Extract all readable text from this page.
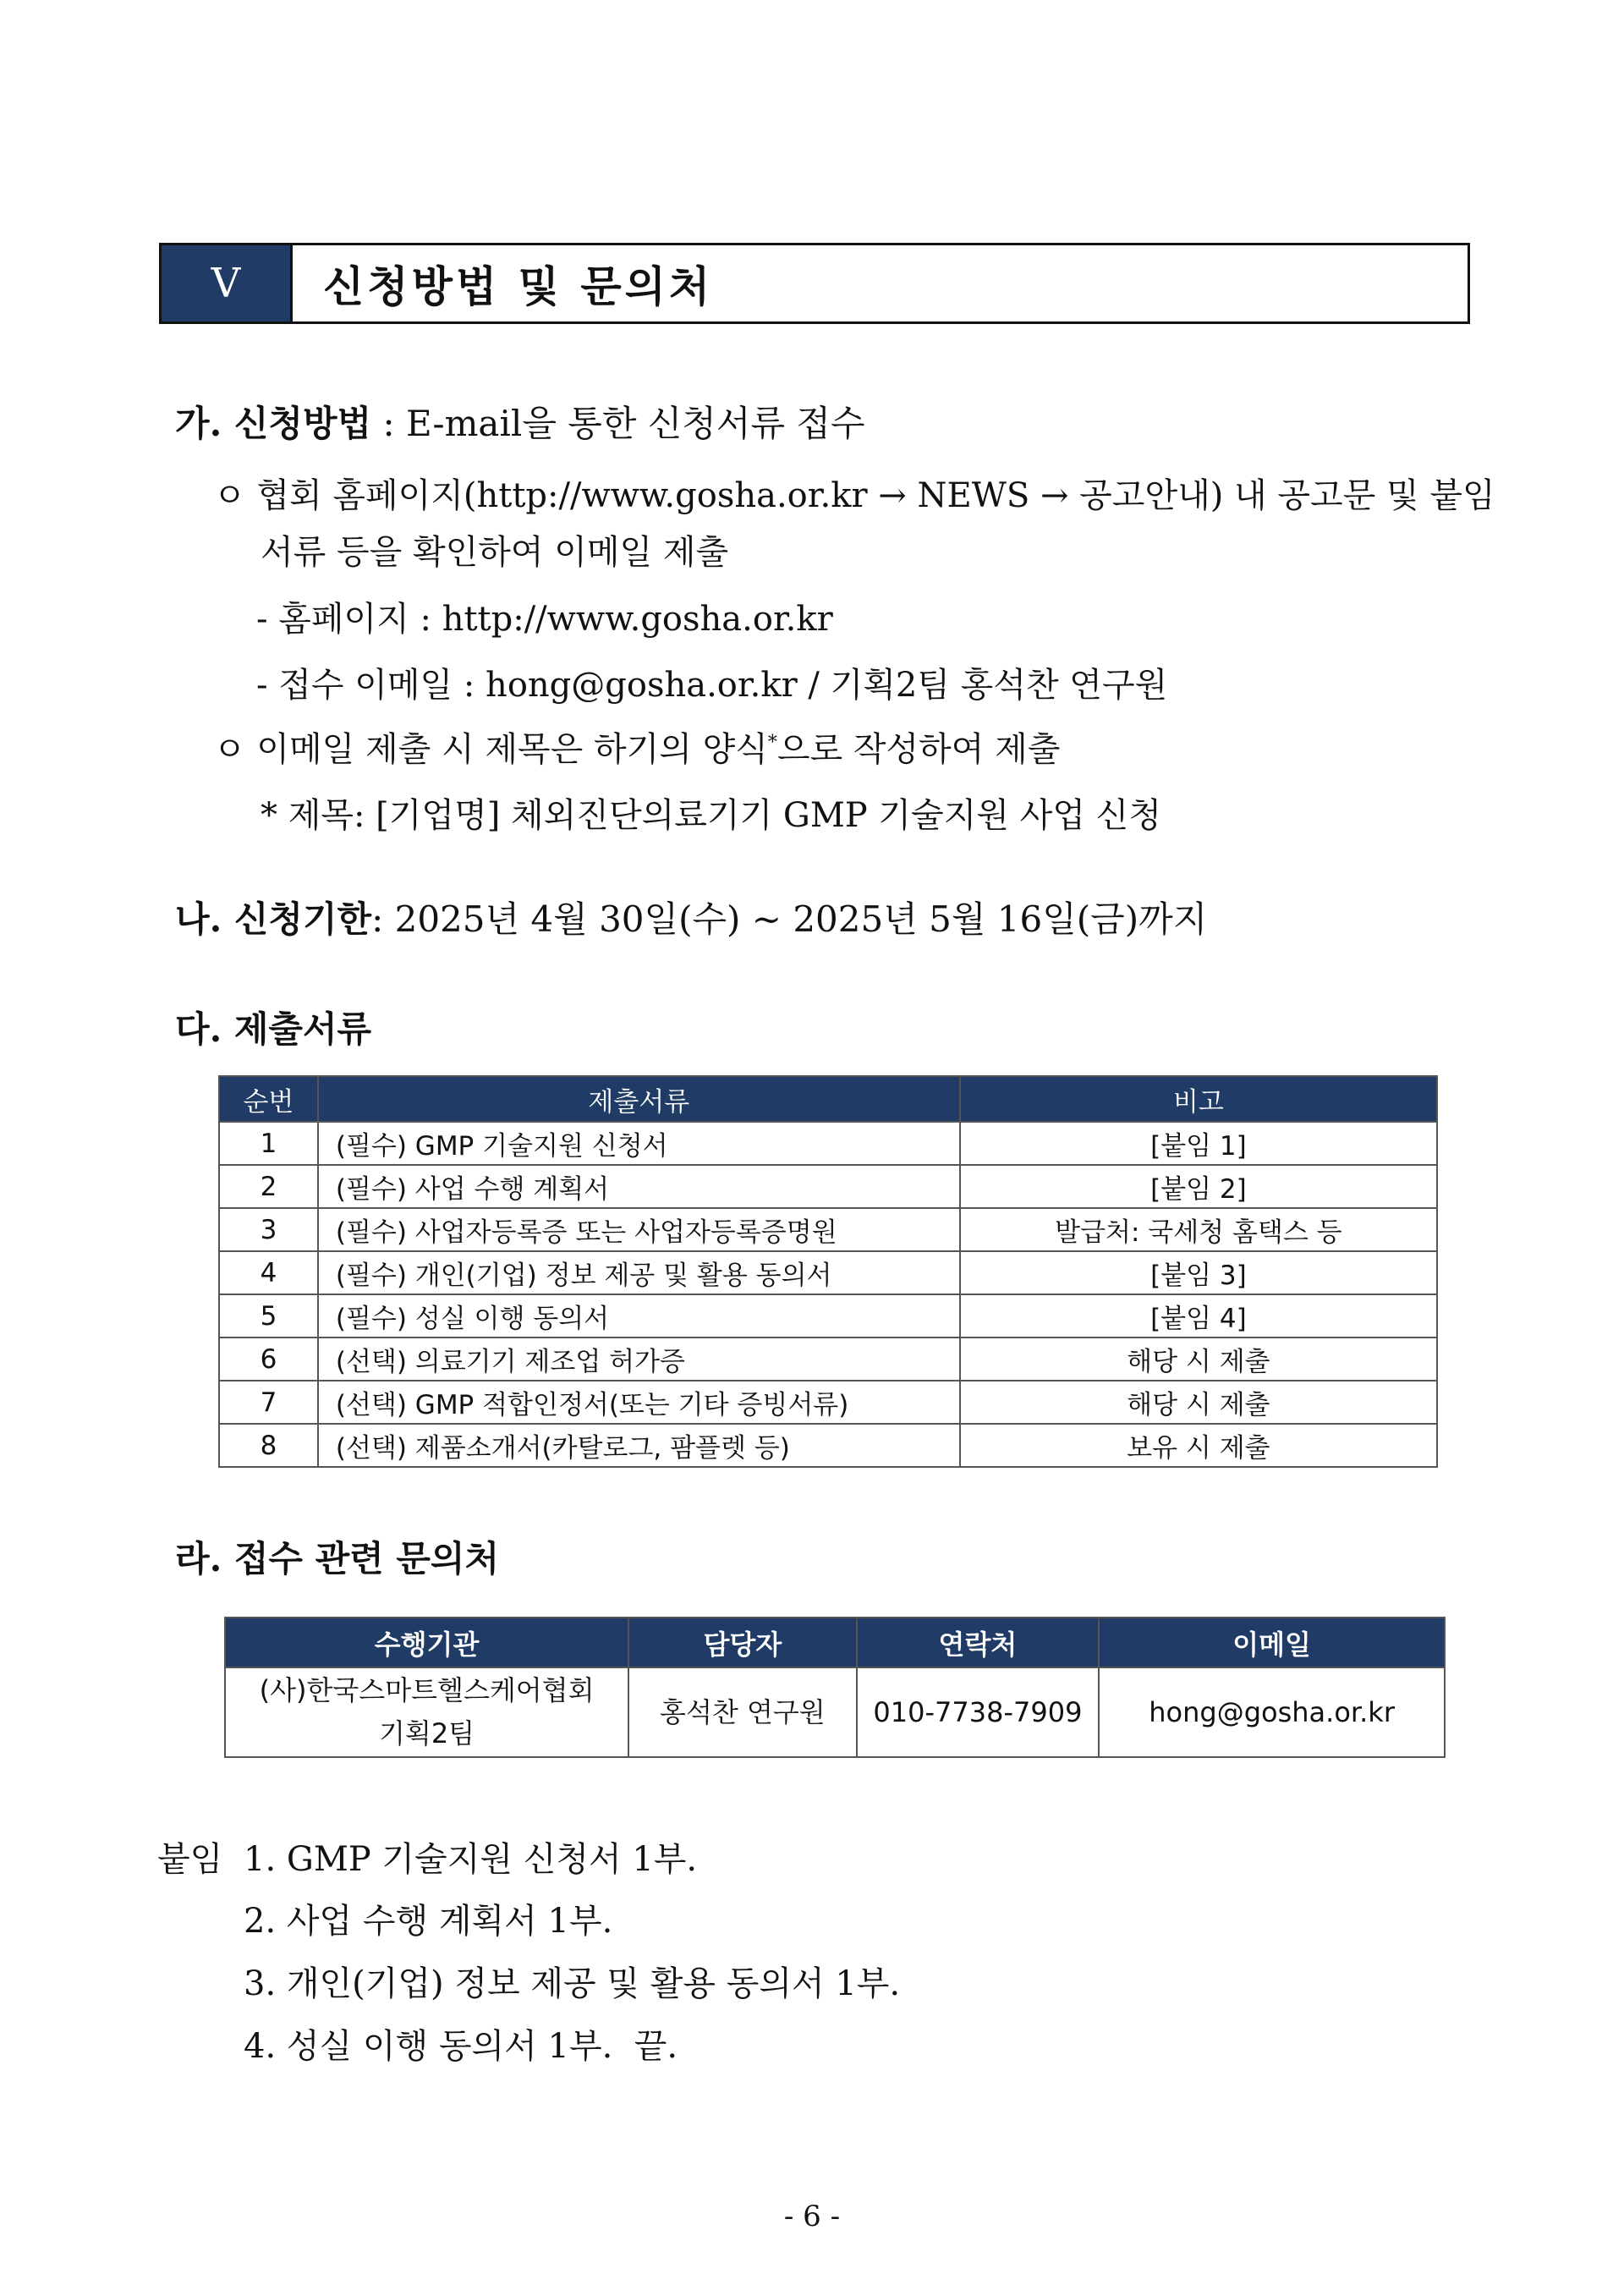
V	신청방법 및 문의처
가. 신청방법 : E-mail을 통한 신청서류 접수
ㅇ 협회 홈페이지(http://www.gosha.or.kr → NEWS → 공고안내) 내 공고문 및 붙임
서류 등을 확인하여 이메일 제출
- 홈페이지 : http://www.gosha.or.kr
- 접수 이메일 : hong@gosha.or.kr / 기획2팀 홍석찬 연구원
ㅇ 이메일 제출 시 제목은 하기의 양식*으로 작성하여 제출
* 제목: [기업명] 체외진단의료기기 GMP 기술지원 사업 신청
나. 신청기한: 2025년 4월 30일(수) ~ 2025년 5월 16일(금)까지
다. 제출서류
순번	제출서류	비고
1	(필수) GMP 기술지원 신청서	[붙임 1]
2	(필수) 사업 수행 계획서	[붙임 2]
3	(필수) 사업자등록증 또는 사업자등록증명원	발급처: 국세청 홈택스 등
4	(필수) 개인(기업) 정보 제공 및 활용 동의서	[붙임 3]
5	(필수) 성실 이행 동의서	[붙임 4]
6	(선택) 의료기기 제조업 허가증	해당 시 제출
7	(선택) GMP 적합인정서(또는 기타 증빙서류)	해당 시 제출
8	(선택) 제품소개서(카탈로그, 팜플렛 등)	보유 시 제출
라. 접수 관련 문의처
수행기관	담당자	연락처	이메일

(사)한국스마트헬스케어협회
기획2팀	홍석찬 연구원	010-7738-7909	hong@gosha.or.kr
붙임 1. GMP 기술지원 신청서 1부.
2. 사업 수행 계획서 1부.
3. 개인(기업) 정보 제공 및 활용 동의서 1부.
4. 성실 이행 동의서 1부.  끝.
- 6 -
